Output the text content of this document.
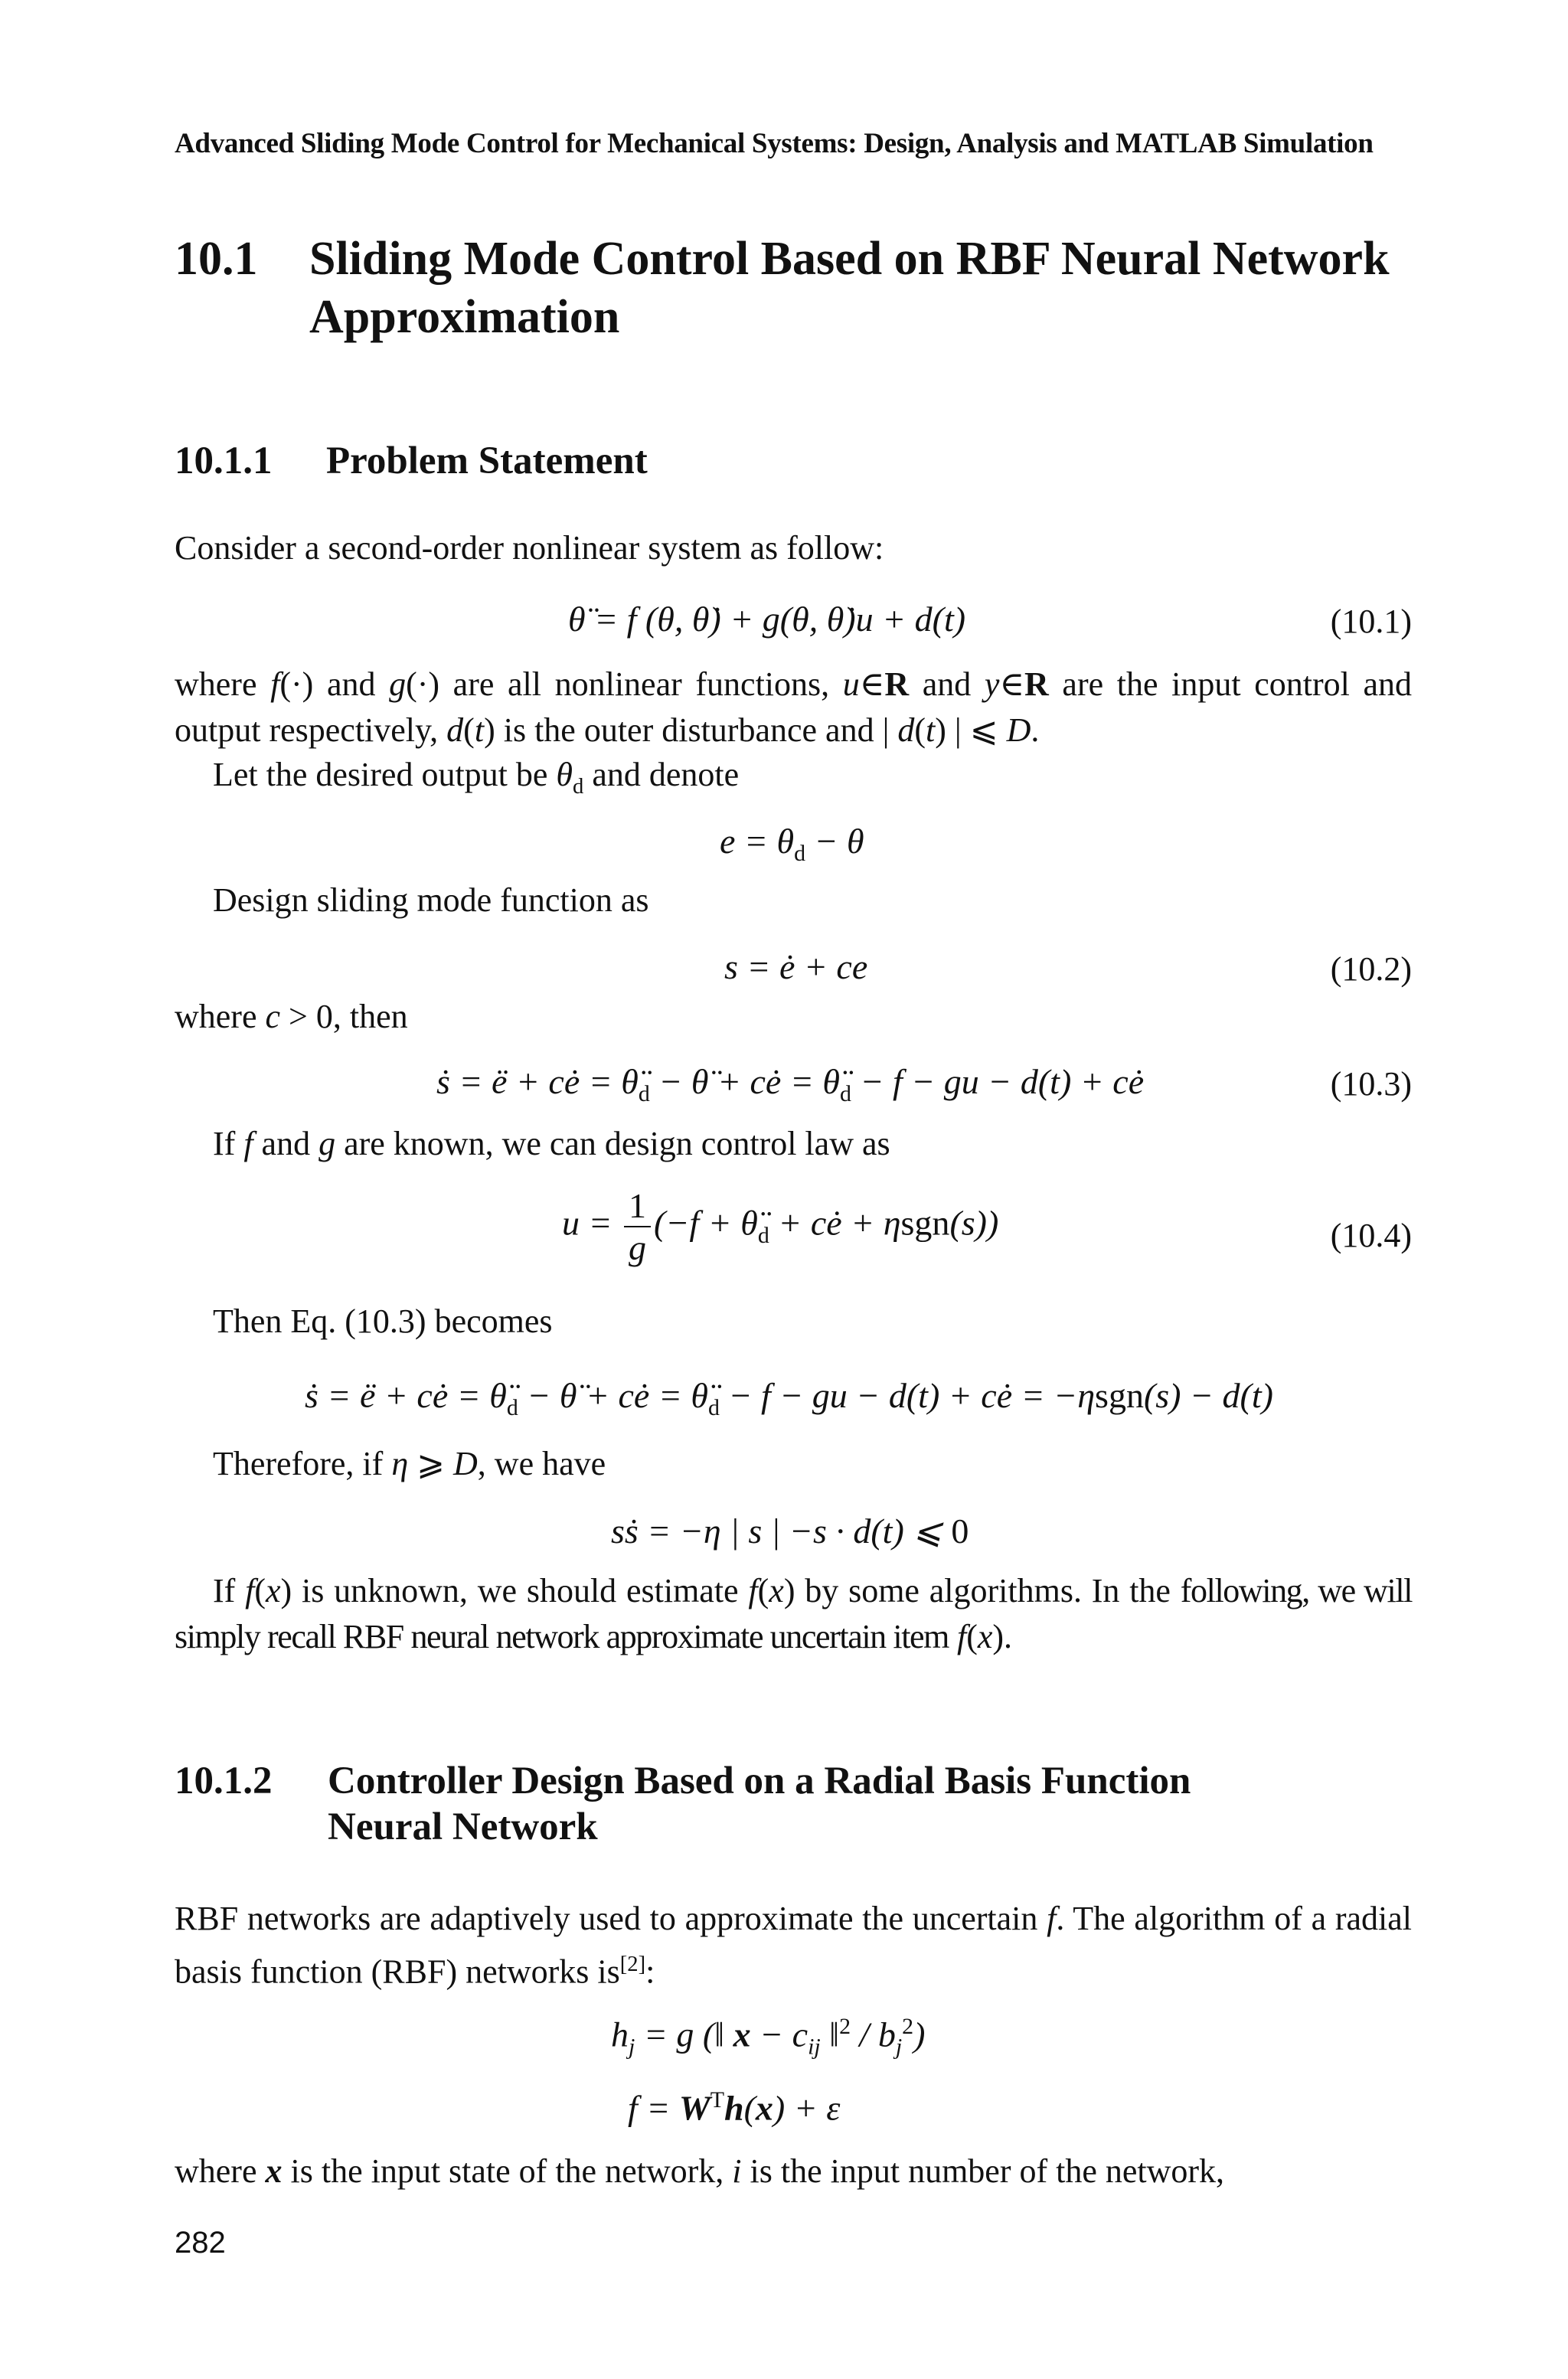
Advanced Sliding Mode Control for Mechanical Systems: Design, Analysis and MATLAB Simulation
10.1 Sliding Mode Control Based on RBF Neural Network
Approximation
10.1.1 Problem Statement
Consider a second-order nonlinear system as follow:
θ̈ = f (θ, θ̇) + g(θ, θ̇)u + d(t)	(10.1)
where f(·) and g(·) are all nonlinear functions, u∈R and y∈R are the input control and output respectively, d(t) is the outer disturbance and | d(t) | ⩽ D.
Let the desired output be $\theta_d$ and denote
$e = \theta_d - \theta$
Design sliding mode function as
s = ė + ce	(10.2)
where c > 0, then
ṡ = ë + cė = $\thetä_d$ − θ̈ + cė = $\thetä_d - f$ − gu − d(t) + cė	(10.3)
If f and g are known, we can design control law as
$u = \frac{1}{g} (-f$ + $\thetä_d$ + cė + ηsgn(s))	(10.4)
Then Eq. (10.3) becomes
ṡ = ë + cė = $\thetä_d$ − θ̈ + cė = $\thetä_d - f$ − gu − d(t) + cė = −ηsgn(s) − d(t)
Therefore, if η ⩾ D, we have
sṡ = −η | s | −s · d(t) ⩽ 0
If f(x) is unknown, we should estimate f(x) by some algorithms. In the following, we will simply recall RBF neural network approximate uncertain item f(x).
10.1.2 Controller Design Based on a Radial Basis Function
Neural Network
RBF networks are adaptively used to approximate the uncertain f. The algorithm of a radial basis function (RBF) networks is[2]:
$h_j = g$ (‖ $x - c_{ij}$ ‖$^2$ / $b_j^2$)
$f = W^Th(x) + \varepsilon$
where x is the input state of the network, i is the input number of the network,
282
